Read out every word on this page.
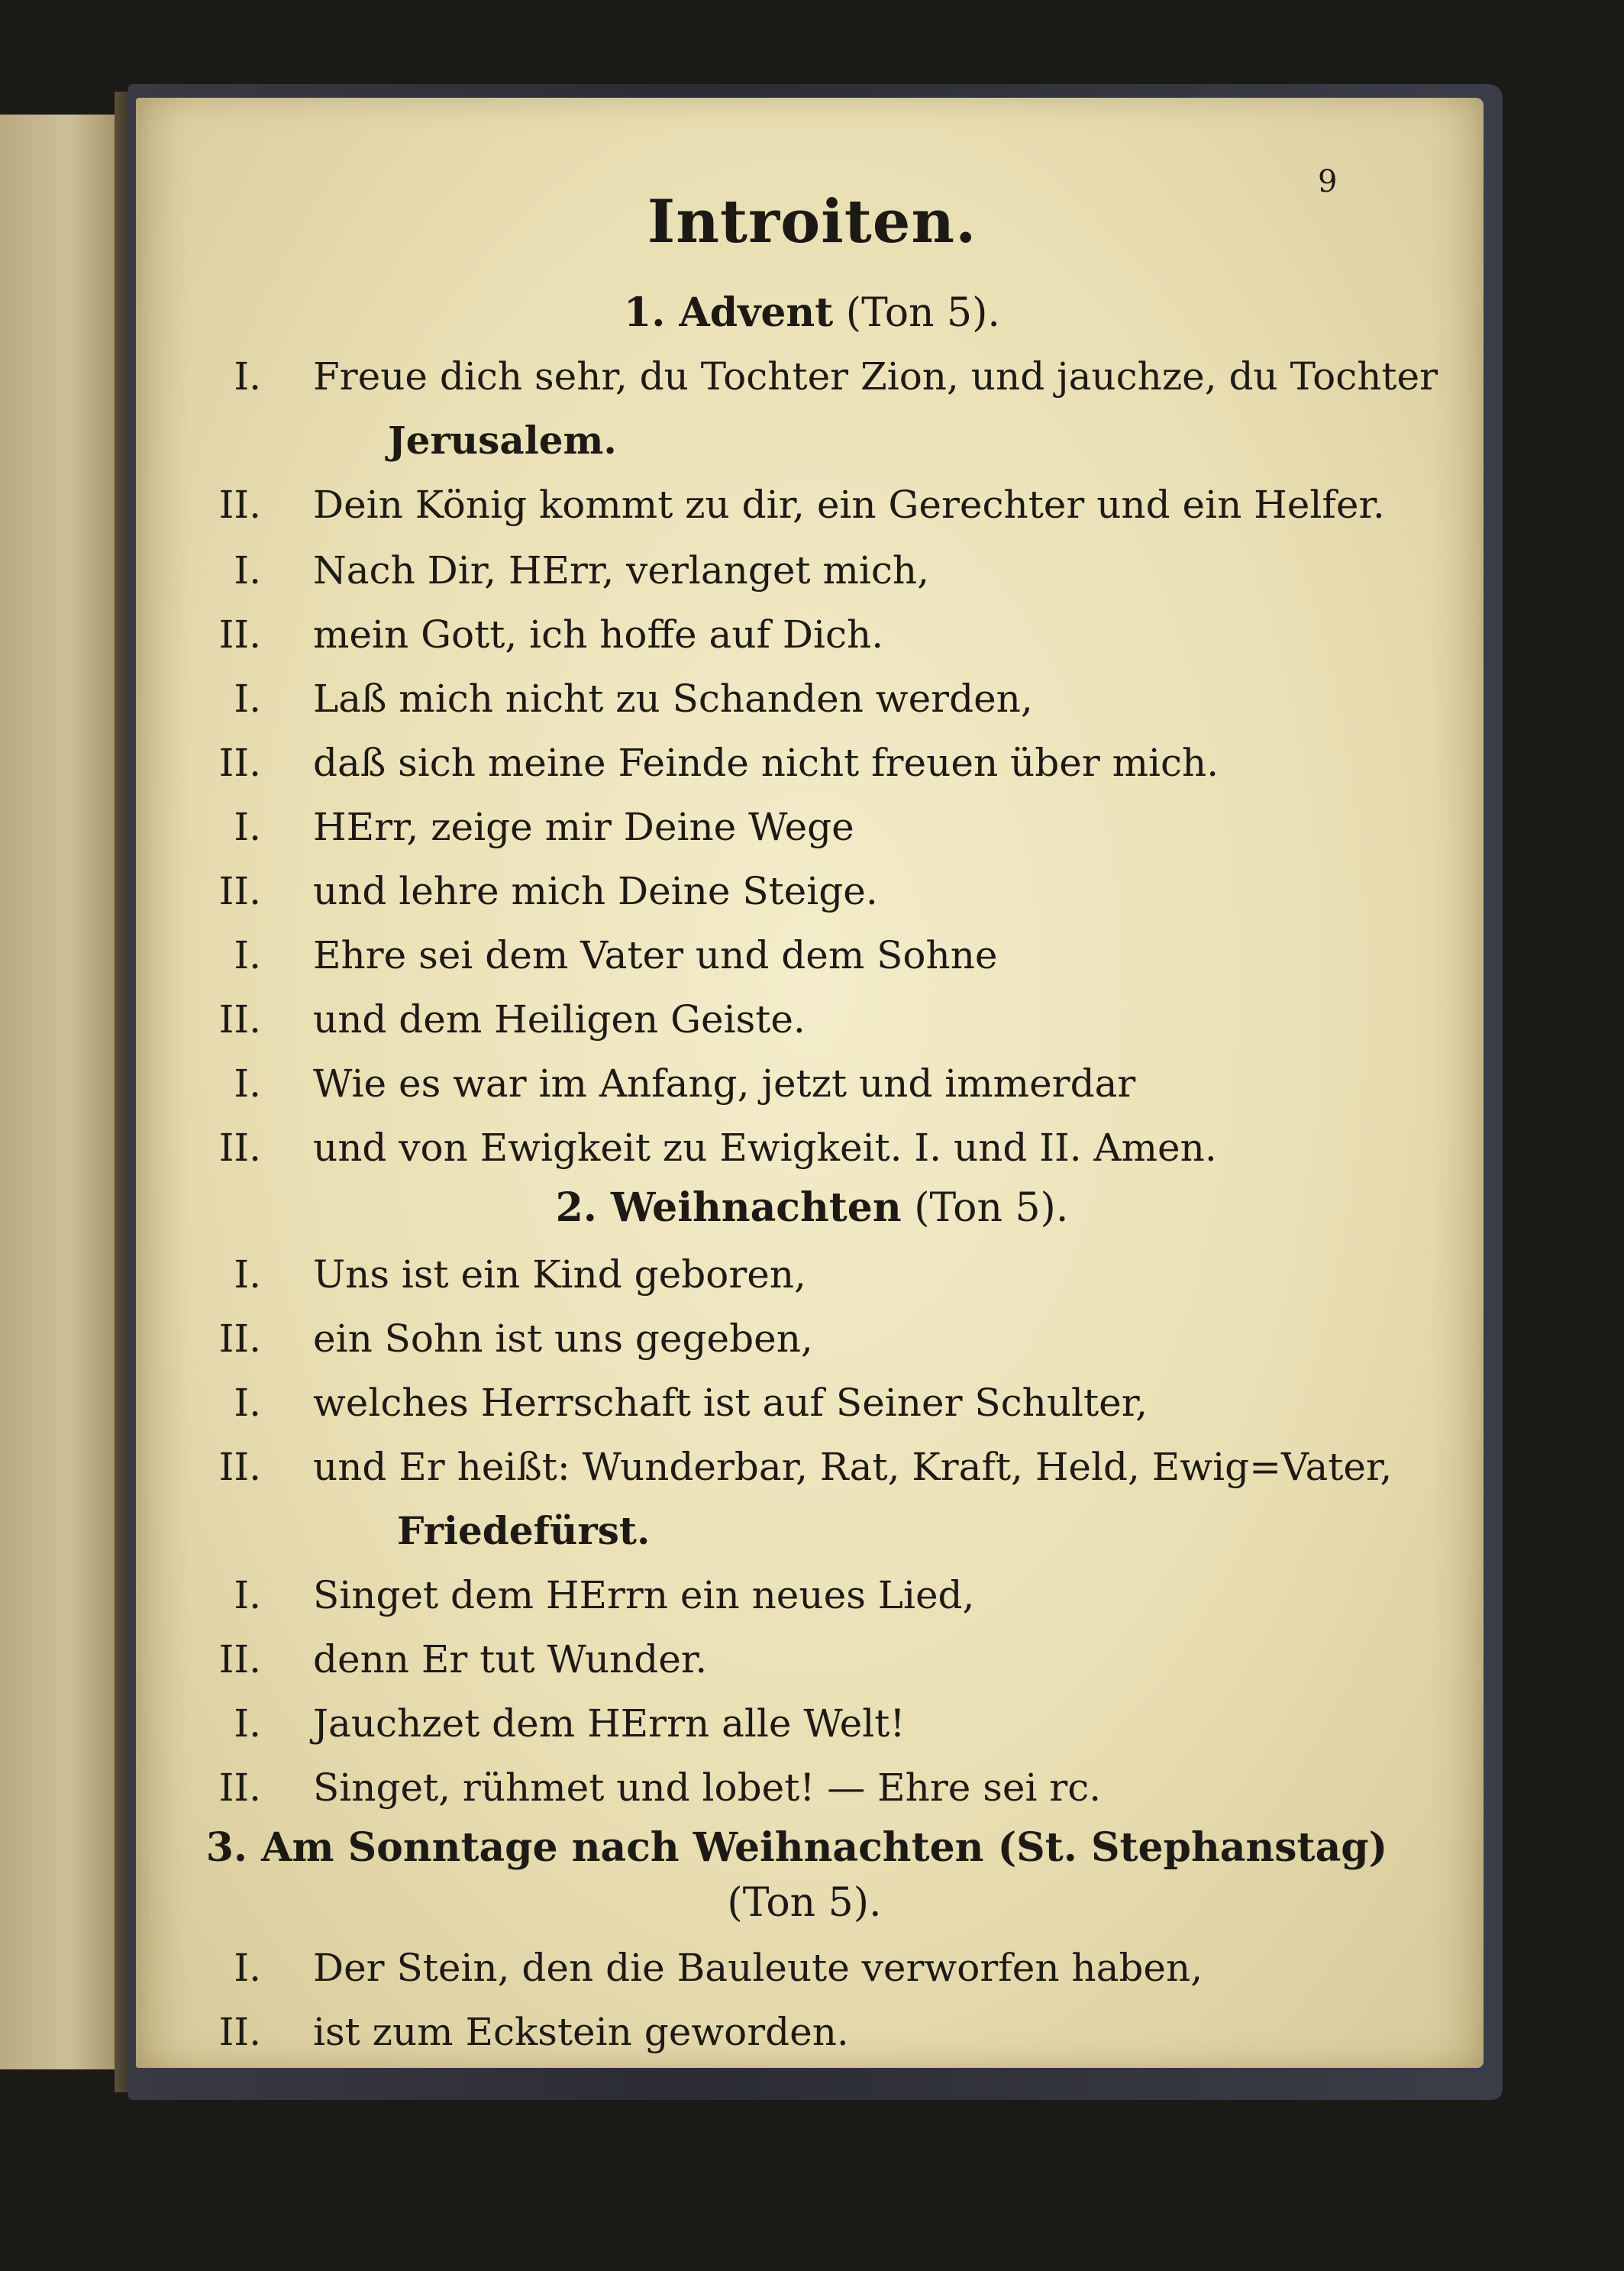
9
Introiten.
1. Advent (Ton 5).
I. Freue dich sehr, du Tochter Zion, und jauchze, du Tochter
Jerusalem.
II. Dein König kommt zu dir, ein Gerechter und ein Helfer.
I. Nach Dir, HErr, verlanget mich,
II. mein Gott, ich hoffe auf Dich.
I. Laß mich nicht zu Schanden werden,
II. daß sich meine Feinde nicht freuen über mich.
I. HErr, zeige mir Deine Wege
II. und lehre mich Deine Steige.
I. Ehre sei dem Vater und dem Sohne
II. und dem Heiligen Geiste.
I. Wie es war im Anfang, jetzt und immerdar
II. und von Ewigkeit zu Ewigkeit. I. und II. Amen.
2. Weihnachten (Ton 5).
I. Uns ist ein Kind geboren,
II. ein Sohn ist uns gegeben,
I. welches Herrschaft ist auf Seiner Schulter,
II. und Er heißt: Wunderbar, Rat, Kraft, Held, Ewig=Vater,
Friedefürst.
I. Singet dem HErrn ein neues Lied,
II. denn Er tut Wunder.
I. Jauchzet dem HErrn alle Welt!
II. Singet, rühmet und lobet! — Ehre sei rc.
3. Am Sonntage nach Weihnachten (St. Stephanstag)
(Ton 5).
I. Der Stein, den die Bauleute verworfen haben,
II. ist zum Eckstein geworden.
